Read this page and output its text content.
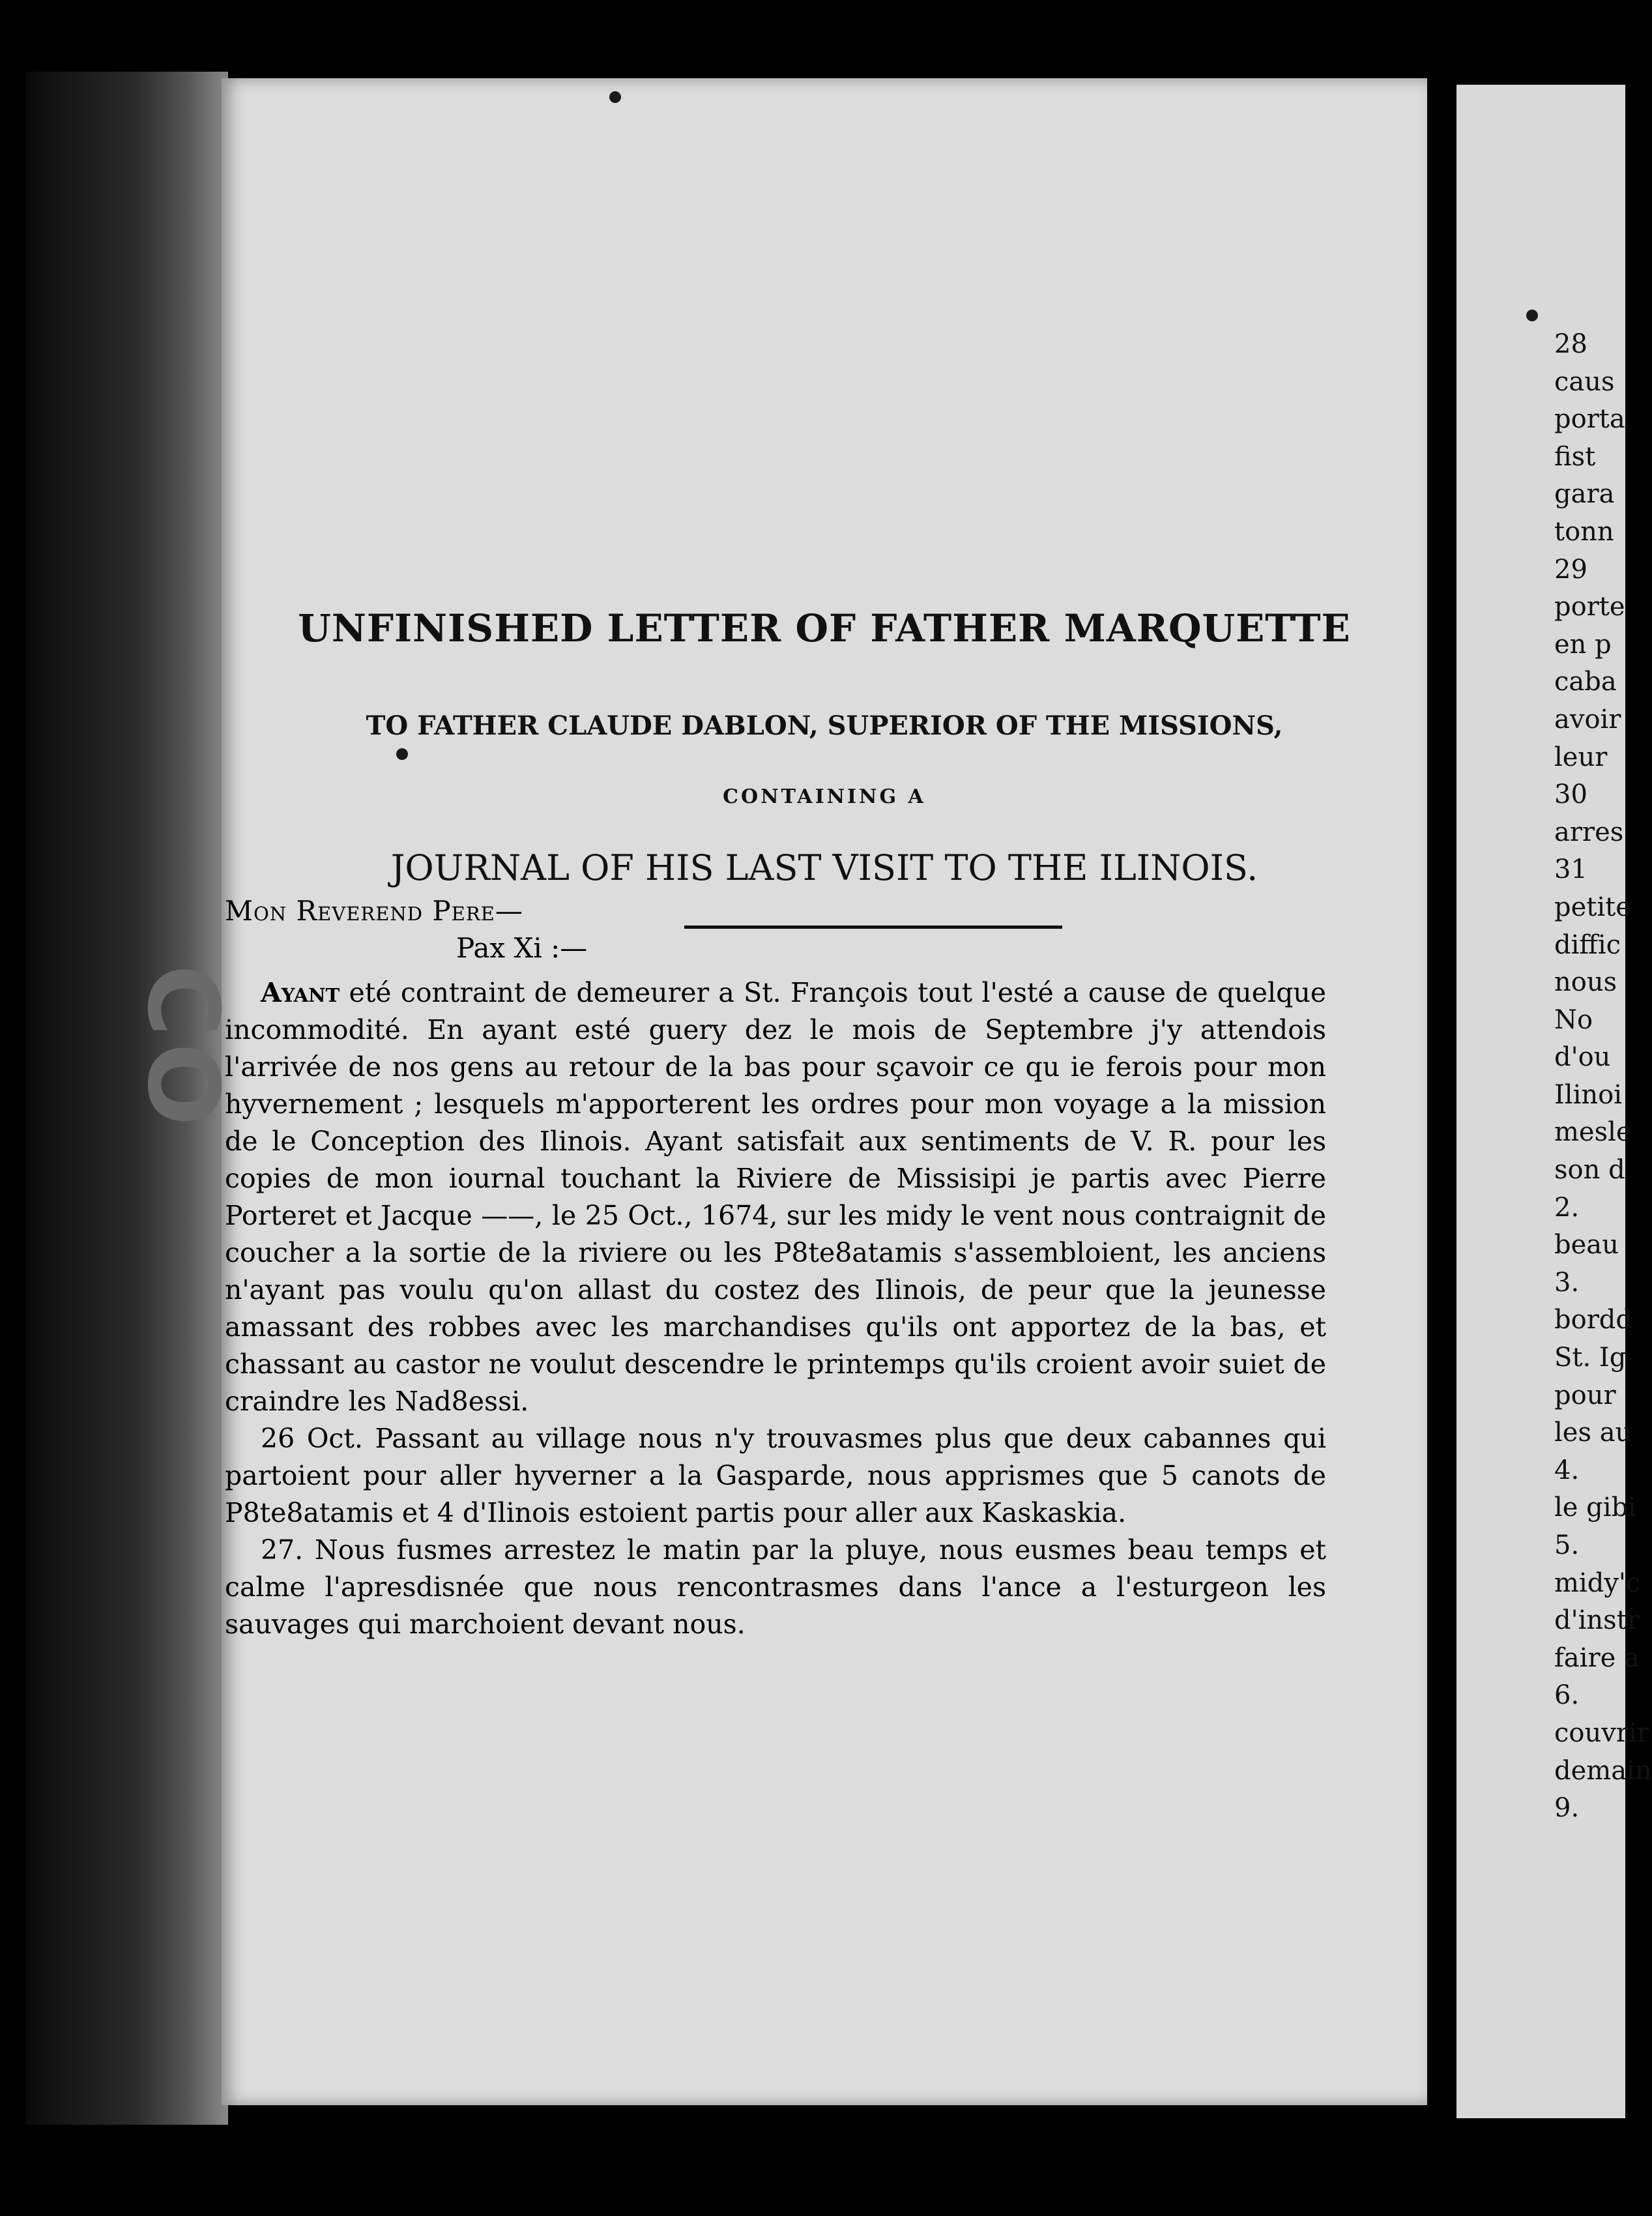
CO
UNFINISHED LETTER OF FATHER MARQUETTE
TO FATHER CLAUDE DABLON, SUPERIOR OF THE MISSIONS,
CONTAINING A
JOURNAL OF HIS LAST VISIT TO THE ILINOIS.
Mon Reverend Pere—
Pax Xi :—

Ayant eté contraint de demeurer a St. François tout l'esté a cause de quelque incommodité. En ayant esté guery dez le mois de Septembre j'y attendois l'arrivée de nos gens au retour de la bas pour sçavoir ce qu ie ferois pour mon hyvernement ; lesquels m'apporterent les ordres pour mon voyage a la mission de le Conception des Ilinois. Ayant satisfait aux sentiments de V. R. pour les copies de mon iournal touchant la Riviere de Missisipi je partis avec Pierre Porteret et Jacque ——, le 25 Oct., 1674, sur les midy le vent nous contraignit de coucher a la sortie de la riviere ou les P8te8atamis s'assembloient, les anciens n'ayant pas voulu qu'on allast du costez des Ilinois, de peur que la jeunesse amassant des robbes avec les marchandises qu'ils ont apportez de la bas, et chassant au castor ne voulut descendre le printemps qu'ils croient avoir suiet de craindre les Nad8essi.

26 Oct. Passant au village nous n'y trouvasmes plus que deux cabannes qui partoient pour aller hyverner a la Gasparde, nous apprismes que 5 canots de P8te8atamis et 4 d'Ilinois estoient partis pour aller aux Kaskaskia.

27. Nous fusmes arrestez le matin par la pluye, nous eusmes beau temps et calme l'apresdisnée que nous rencontrasmes dans l'ance a l'esturgeon les sauvages qui marchoient devant nous.

28
caus
porta
fist
gara
tonn
29
porte
en p
caba
avoir
leur
30
arres
31
petite
diffic
nous
No
d'ou
Ilinoi
mesle
son d
2.
beau
3.
bordd
St. Ig
pour
les au
4.
le gibi
5.
midy'c
d'instr
faire a
6.
couvrir
demain
9.
